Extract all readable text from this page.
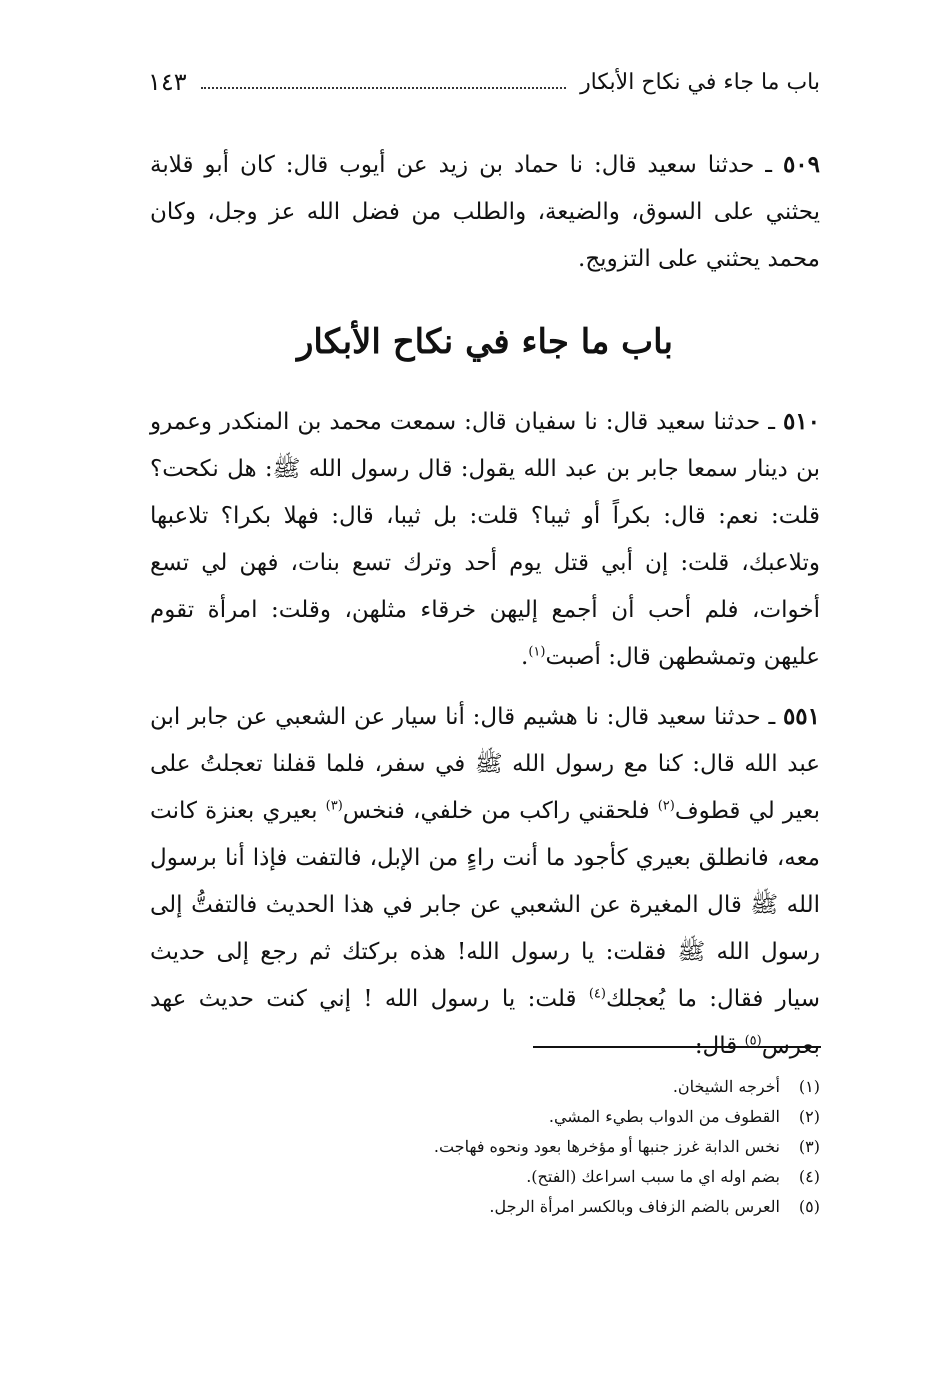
باب ما جاء في نكاح الأبكار
١٤٣
٥٠٩ ـ حدثنا سعيد قال: نا حماد بن زيد عن أيوب قال: كان أبو قلابة يحثني على السوق، والضيعة، والطلب من فضل الله عز وجل، وكان محمد يحثني على التزويج.
باب ما جاء في نكاح الأبكار
٥١٠ ـ حدثنا سعيد قال: نا سفيان قال: سمعت محمد بن المنكدر وعمرو بن دينار سمعا جابر بن عبد الله يقول: قال رسول الله ﷺ: هل نكحت؟ قلت: نعم: قال: بكراً أو ثيبا؟ قلت: بل ثيبا، قال: فهلا بكرا؟ تلاعبها وتلاعبك، قلت: إن أبي قتل يوم أحد وترك تسع بنات، فهن لي تسع أخوات، فلم أحب أن أجمع إليهن خرقاء مثلهن، وقلت: امرأة تقوم عليهن وتمشطهن قال: أصبت$^{(١)}$.
٥٥١ ـ حدثنا سعيد قال: نا هشيم قال: أنا سيار عن الشعبي عن جابر ابن عبد الله قال: كنا مع رسول الله ﷺ في سفر، فلما قفلنا تعجلتُ على بعير لي قطوف$^{(٢)}$ فلحقني راكب من خلفي، فنخس$^{(٣)}$ بعيري بعنزة كانت معه، فانطلق بعيري كأجود ما أنت راءٍ من الإبل، فالتفت فإذا أنا برسول الله ﷺ قال المغيرة عن الشعبي عن جابر في هذا الحديث فالتفتُّ إلى رسول الله ﷺ فقلت: يا رسول الله! هذه بركتك ثم رجع إلى حديث سيار فقال: ما يُعجلك$^{(٤)}$ قلت: يا رسول الله ! إني كنت حديث عهد بعرس$^{(٥)}$ قال:
(١)
أخرجه الشيخان.
(٢)
القطوف من الدواب بطيء المشي.
(٣)
نخس الدابة غرز جنبها أو مؤخرها بعود ونحوه فهاجت.
(٤)
بضم اوله اي ما سبب اسراعك (الفتح).
(٥)
العرس بالضم الزفاف وبالكسر امرأة الرجل.
